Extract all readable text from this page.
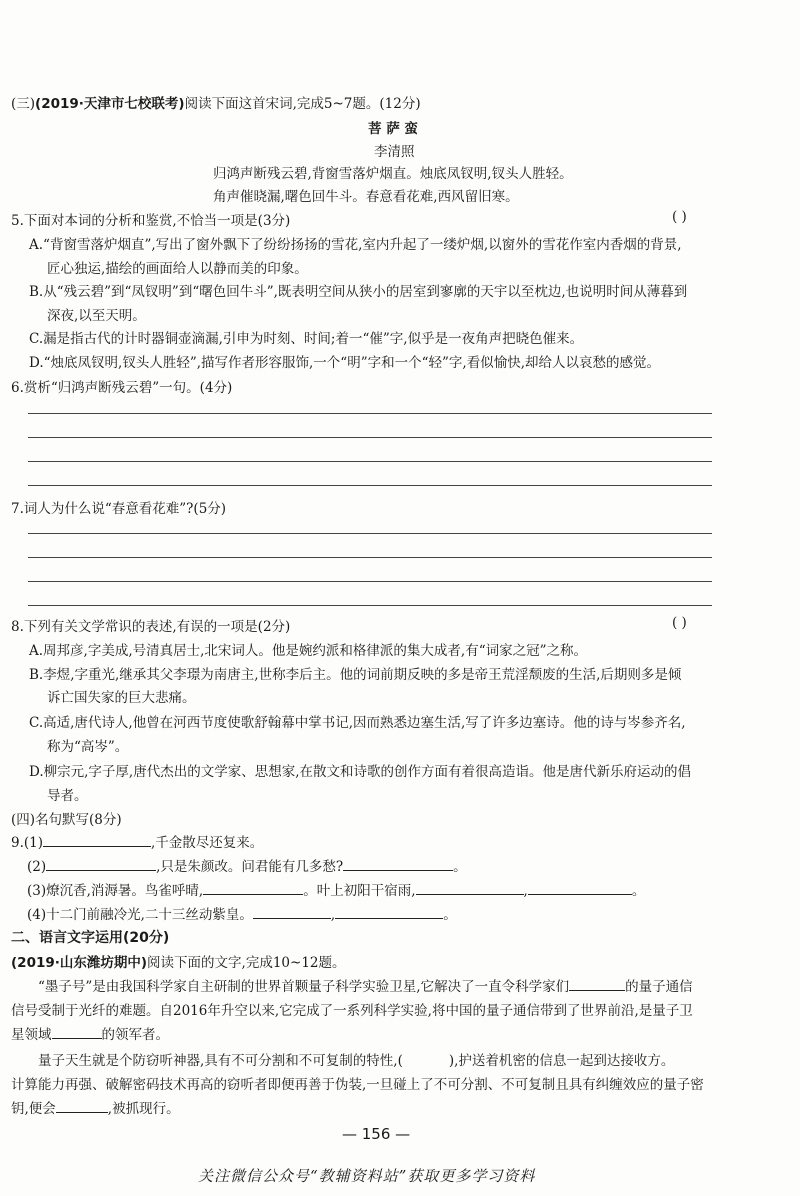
(三)(2019·天津市七校联考)阅读下面这首宋词,完成5~7题。(12分)
菩 萨 蛮
李清照
归鸿声断残云碧,背窗雪落炉烟直。烛底凤钗明,钗头人胜轻。
角声催晓漏,曙色回牛斗。春意看花难,西风留旧寒。
5.下面对本词的分析和鉴赏,不恰当一项是(3分)	( )
A.“背窗雪落炉烟直”,写出了窗外飘下了纷纷扬扬的雪花,室内升起了一缕炉烟,以窗外的雪花作室内香烟的背景,
匠心独运,描绘的画面给人以静而美的印象。
B.从“残云碧”到“凤钗明”到“曙色回牛斗”,既表明空间从狭小的居室到寥廓的天宇以至枕边,也说明时间从薄暮到
深夜,以至天明。
C.漏是指古代的计时器铜壶滴漏,引申为时刻、时间;着一“催”字,似乎是一夜角声把晓色催来。
D.“烛底凤钗明,钗头人胜轻”,描写作者形容服饰,一个“明”字和一个“轻”字,看似愉快,却给人以哀愁的感觉。
6.赏析“归鸿声断残云碧”一句。(4分)
7.词人为什么说“春意看花难”?(5分)
8.下列有关文学常识的表述,有误的一项是(2分)	( )
A.周邦彦,字美成,号清真居士,北宋词人。他是婉约派和格律派的集大成者,有“词家之冠”之称。
B.李煜,字重光,继承其父李璟为南唐主,世称李后主。他的词前期反映的多是帝王荒淫颓废的生活,后期则多是倾
诉亡国失家的巨大悲痛。
C.高适,唐代诗人,他曾在河西节度使歌舒翰幕中掌书记,因而熟悉边塞生活,写了许多边塞诗。他的诗与岑参齐名,
称为“高岑”。
D.柳宗元,字子厚,唐代杰出的文学家、思想家,在散文和诗歌的创作方面有着很高造诣。他是唐代新乐府运动的倡
导者。
(四)名句默写(8分)
9.(1)	,千金散尽还复来。
(2)	,只是朱颜改。问君能有几多愁?	。
(3)燎沉香,消溽暑。鸟雀呼晴,	。叶上初阳干宿雨,	,	。
(4)十二门前融冷光,二十三丝动紫皇。	,	。
二、语言文字运用(20分)
(2019·山东潍坊期中)阅读下面的文字,完成10~12题。
“墨子号”是由我国科学家自主研制的世界首颗量子科学实验卫星,它解决了一直令科学家们	的量子通信
信号受制于光纤的难题。自2016年升空以来,它完成了一系列科学实验,将中国的量子通信带到了世界前沿,是量子卫
星领域	的领军者。
量子天生就是个防窃听神器,具有不可分割和不可复制的特性,(	),护送着机密的信息一起到达接收方。
计算能力再强、破解密码技术再高的窃听者即便再善于伪装,一旦碰上了不可分割、不可复制且具有纠缠效应的量子密
钥,便会	,被抓现行。
— 156 —
关注微信公众号“教辅资料站”获取更多学习资料
